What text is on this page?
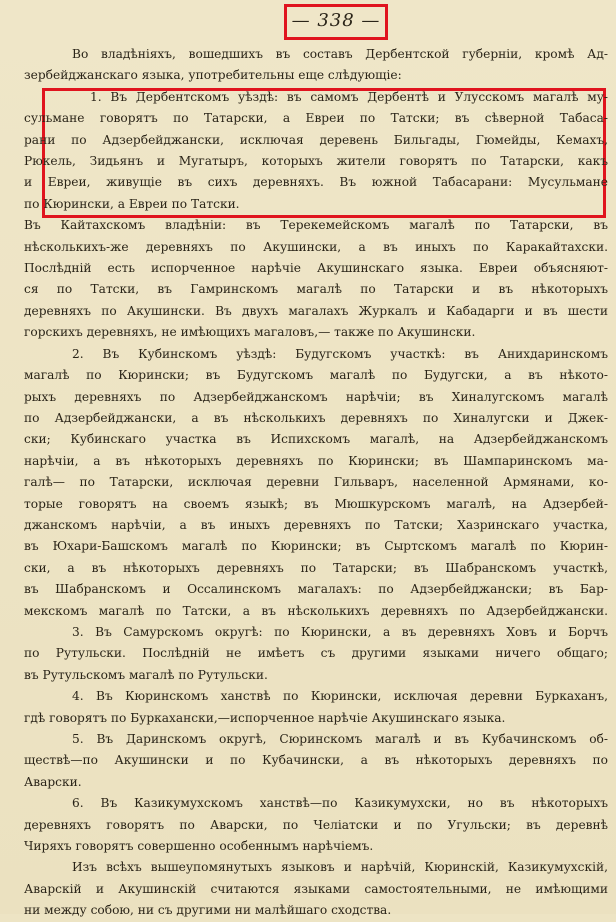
— 338 —
Во владѣніяхъ, вошедшихъ въ составъ Дербентской губерніи, кромѣ Ад-
зербейджанскаго языка, употребительны еще слѣдующіе:
1. Въ Дербентскомъ уѣздѣ: въ самомъ Дербентѣ и Улусскомъ магалѣ му-
сульмане говорятъ по Татарски, а Евреи по Татски; въ сѣверной Табаса-
рани по Адзербейджански, исключая деревень Бильгады, Гюмейды, Кемахъ,
Рюкель, Зидьянъ и Мугатыръ, которыхъ жители говорятъ по Татарски, какъ
и Евреи, живущіе въ сихъ деревняхъ. Въ южной Табасарани: Мусульмане
по Кюрински, а Евреи по Татски.
Въ Кайтахскомъ владѣніи: въ Терекемейскомъ магалѣ по Татарски, въ
нѣсколькихъ-же деревняхъ по Акушински, а въ иныхъ по Каракайтахски.
Послѣдній есть испорченное нарѣчіе Акушинскаго языка. Евреи объясняют-
ся по Татски, въ Гамринскомъ магалѣ по Татарски и въ нѣкоторыхъ
деревняхъ по Акушински. Въ двухъ магалахъ Журкалъ и Кабадарги и въ шести
горскихъ деревняхъ, не имѣющихъ магаловъ,— также по Акушински.
2. Въ Кубинскомъ уѣздѣ: Будугскомъ участкѣ: въ Анихдаринскомъ
магалѣ по Кюрински; въ Будугскомъ магалѣ по Будугски, а въ нѣкото-
рыхъ деревняхъ по Адзербейджанскомъ нарѣчіи; въ Хиналугскомъ магалѣ
по Адзербейджански, а въ нѣсколькихъ деревняхъ по Хиналугски и Джек-
ски; Кубинскаго участка въ Испихскомъ магалѣ, на Адзербейджанскомъ
нарѣчіи, а въ нѣкоторыхъ деревняхъ по Кюрински; въ Шампаринскомъ ма-
галѣ— по Татарски, исключая деревни Гильваръ, населенной Армянами, ко-
торые говорятъ на своемъ языкѣ; въ Мюшкурскомъ магалѣ, на Адзербей-
джанскомъ нарѣчіи, а въ иныхъ деревняхъ по Татски; Хазринскаго участка,
въ Юхари-Башскомъ магалѣ по Кюрински; въ Сыртскомъ магалѣ по Кюрин-
ски, а въ нѣкоторыхъ деревняхъ по Татарски; въ Шабранскомъ участкѣ,
въ Шабранскомъ и Оссалинскомъ магалахъ: по Адзербейджански; въ Бар-
мекскомъ магалѣ по Татски, а въ нѣсколькихъ деревняхъ по Адзербейджански.
3. Въ Самурскомъ округѣ: по Кюрински, а въ деревняхъ Ховъ и Борчъ
по Рутульски. Послѣдній не имѣетъ съ другими языками ничего общаго;
въ Рутульскомъ магалѣ по Рутульски.
4. Въ Кюринскомъ ханствѣ по Кюрински, исключая деревни Буркаханъ,
гдѣ говорятъ по Буркахански,—испорченное нарѣчіе Акушинскаго языка.
5. Въ Даринскомъ округѣ, Сюринскомъ магалѣ и въ Кубачинскомъ об-
ществѣ—по Акушински и по Кубачински, а въ нѣкоторыхъ деревняхъ по
Аварски.
6. Въ Казикумухскомъ ханствѣ—по Казикумухски, но въ нѣкоторыхъ
деревняхъ говорятъ по Аварски, по Челіатски и по Угульски; въ деревнѣ
Чиряхъ говорятъ совершенно особеннымъ нарѣчіемъ.
Изъ всѣхъ вышеупомянутыхъ языковъ и нарѣчій, Кюринскій, Казикумухскій,
Аварскій и Акушинскій считаются языками самостоятельными, не имѣющими
ни между собою, ни съ другими ни малѣйшаго сходства.
